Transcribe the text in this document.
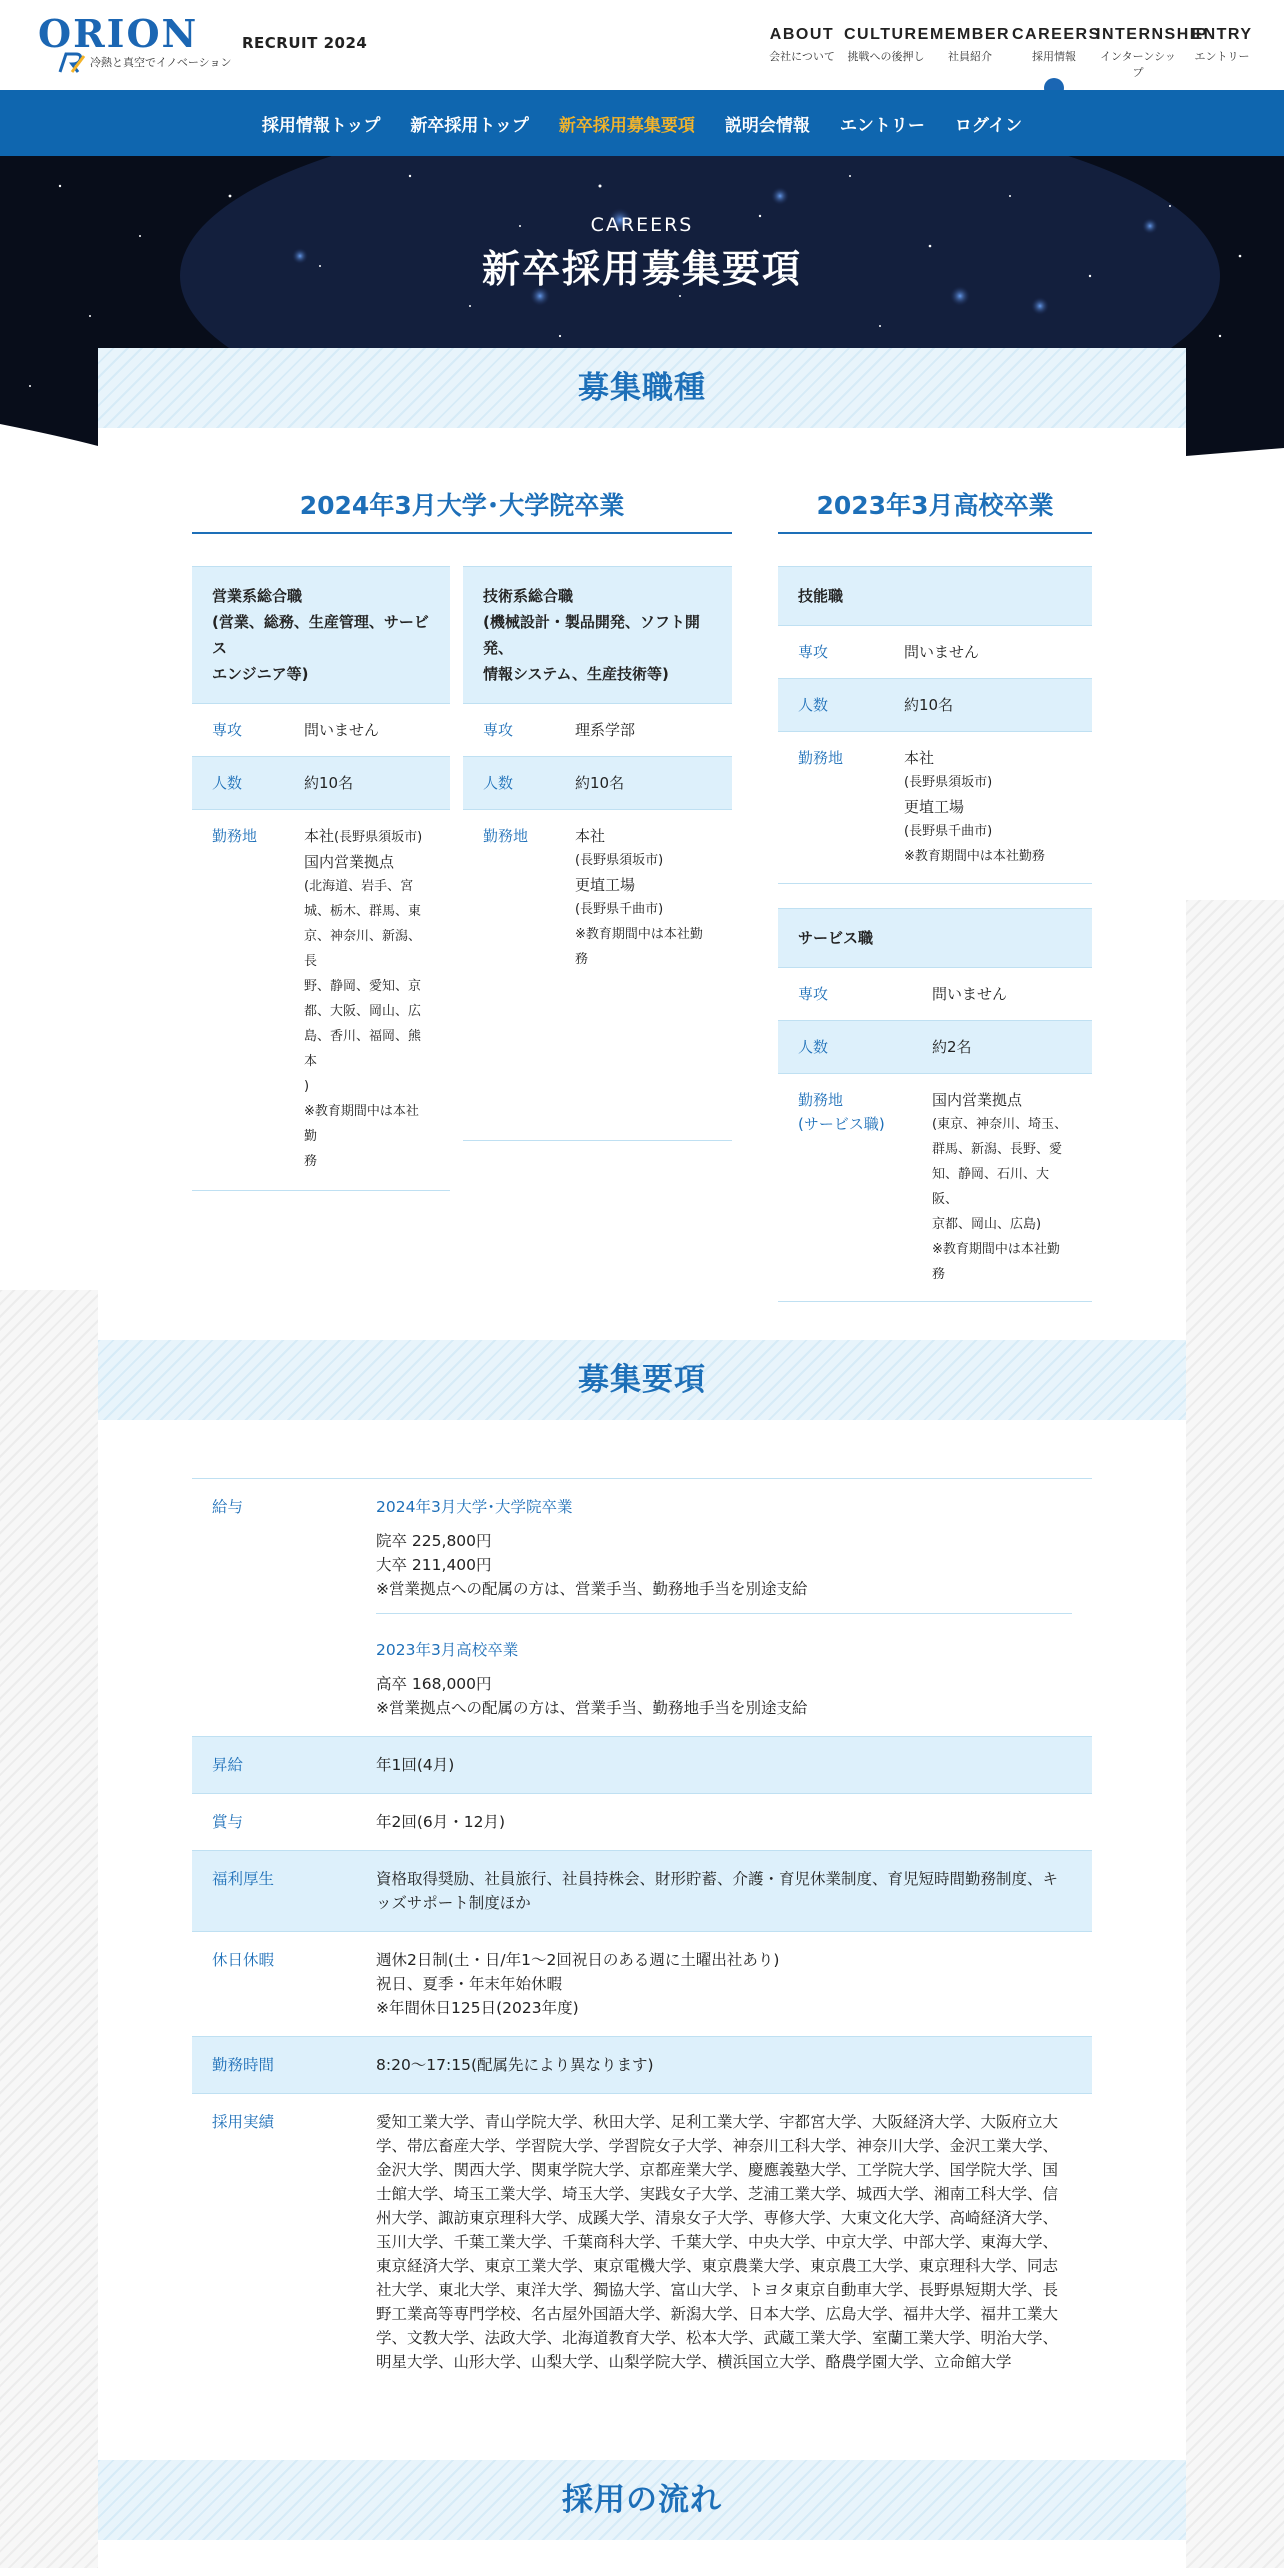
ORION
冷熱と真空でイノベーション
RECRUIT 2024	ABOUT
会社について
CULTURE
挑戦への後押し
MEMBER
社員紹介
CAREERS
採用情報
INTERNSHIP
インターンシップ
ENTRY
エントリー
採用情報トップ 新卒採用トップ 新卒採用募集要項 説明会情報 エントリー ログイン
CAREERS
新卒採用募集要項
募集職種
2024年3月大学･大学院卒業	2023年3月高校卒業
営業系総合職
(営業、総務、生産管理、サービス
エンジニア等)
専攻	問いません
人数	約10名
勤務地	本社(長野県須坂市)
国内営業拠点
(北海道、岩手、宮
城、栃木、群馬、東
京、神奈川、新潟、長
野、静岡、愛知、京
都、大阪、岡山、広
島、香川、福岡、熊本
)
※教育期間中は本社勤
務
技術系総合職
(機械設計・製品開発、ソフト開発、
情報システム、生産技術等)
専攻	理系学部
人数	約10名
勤務地	本社
(長野県須坂市)
更埴工場
(長野県千曲市)
※教育期間中は本社勤
務
技能職
専攻	問いません
人数	約10名
勤務地	本社
(長野県須坂市)
更埴工場
(長野県千曲市)
※教育期間中は本社勤務
サービス職
専攻	問いません
人数	約2名
勤務地
(サービス職)
国内営業拠点
(東京、神奈川、埼玉、
群馬、新潟、長野、愛
知、静岡、石川、大阪、
京都、岡山、広島)
※教育期間中は本社勤務
募集要項
給与	2024年3月大学･大学院卒業
院卒 225,800円
大卒 211,400円
※営業拠点への配属の方は、営業手当、勤務地手当を別途支給
2023年3月高校卒業
高卒 168,000円
※営業拠点への配属の方は、営業手当、勤務地手当を別途支給
昇給	年1回(4月)
賞与	年2回(6月・12月)
福利厚生	資格取得奨励、社員旅行、社員持株会、財形貯蓄、介護・育児休業制度、育児短時間勤務制度、キッズサポート制度ほか
休日休暇	週休2日制(土・日/年1〜2回祝日のある週に土曜出社あり)
祝日、夏季・年末年始休暇
※年間休日125日(2023年度)
勤務時間	8:20〜17:15(配属先により異なります)
採用実績	愛知工業大学、青山学院大学、秋田大学、足利工業大学、宇都宮大学、大阪経済大学、大阪府立大学、帯広畜産大学、学習院大学、学習院女子大学、神奈川工科大学、神奈川大学、金沢工業大学、金沢大学、関西大学、関東学院大学、京都産業大学、慶應義塾大学、工学院大学、国学院大学、国士館大学、埼玉工業大学、埼玉大学、実践女子大学、芝浦工業大学、城西大学、湘南工科大学、信州大学、諏訪東京理科大学、成蹊大学、清泉女子大学、専修大学、大東文化大学、高崎経済大学、玉川大学、千葉工業大学、千葉商科大学、千葉大学、中央大学、中京大学、中部大学、東海大学、東京経済大学、東京工業大学、東京電機大学、東京農業大学、東京農工大学、東京理科大学、同志社大学、東北大学、東洋大学、獨協大学、富山大学、トヨタ東京自動車大学、長野県短期大学、長野工業高等専門学校、名古屋外国語大学、新潟大学、日本大学、広島大学、福井大学、福井工業大学、文教大学、法政大学、北海道教育大学、松本大学、武蔵工業大学、室蘭工業大学、明治大学、明星大学、山形大学、山梨大学、山梨学院大学、横浜国立大学、酪農学園大学、立命館大学
採用の流れ
